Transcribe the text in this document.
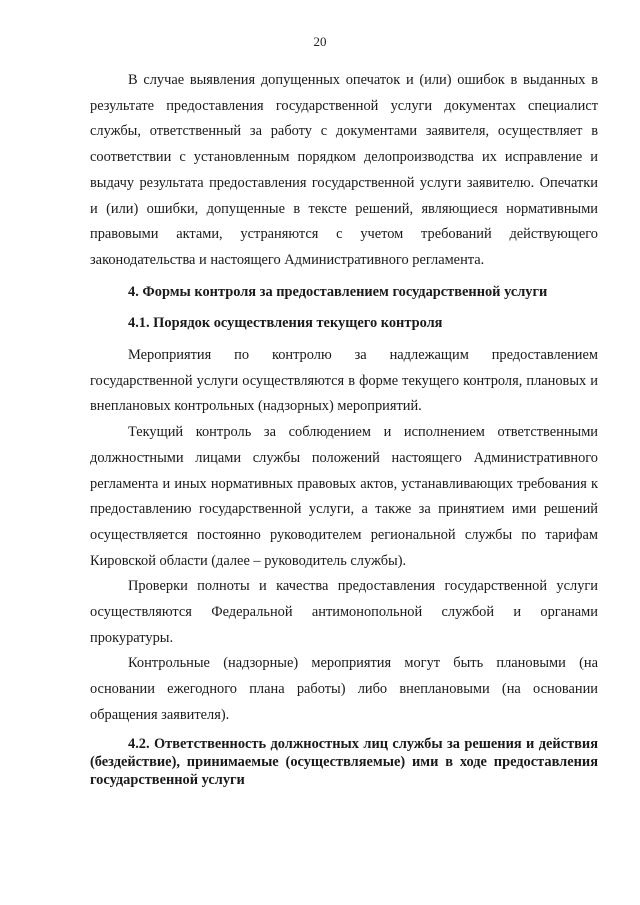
20

В случае выявления допущенных опечаток и (или) ошибок в выданных в результате предоставления государственной услуги документах специалист службы, ответственный за работу с документами заявителя, осуществляет в соответствии с установленным порядком делопроизводства их исправление и выдачу результата предоставления государственной услуги заявителю. Опечатки и (или) ошибки, допущенные в тексте решений, являющиеся нормативными правовыми актами, устраняются с учетом требований действующего законодательства и настоящего Административного регламента.

4. Формы контроля за предоставлением государственной услуги

4.1. Порядок осуществления текущего контроля

Мероприятия по контролю за надлежащим предоставлением государственной услуги осуществляются в форме текущего контроля, плановых и внеплановых контрольных (надзорных) мероприятий.

Текущий контроль за соблюдением и исполнением ответственными должностными лицами службы положений настоящего Административного регламента и иных нормативных правовых актов, устанавливающих требования к предоставлению государственной услуги, а также за принятием ими решений осуществляется постоянно руководителем региональной службы по тарифам Кировской области (далее – руководитель службы).

Проверки полноты и качества предоставления государственной услуги осуществляются Федеральной антимонопольной службой и органами прокуратуры.

Контрольные (надзорные) мероприятия могут быть плановыми (на основании ежегодного плана работы) либо внеплановыми (на основании обращения заявителя).

4.2. Ответственность должностных лиц службы за решения и действия (бездействие), принимаемые (осуществляемые) ими в ходе предоставления государственной услуги
